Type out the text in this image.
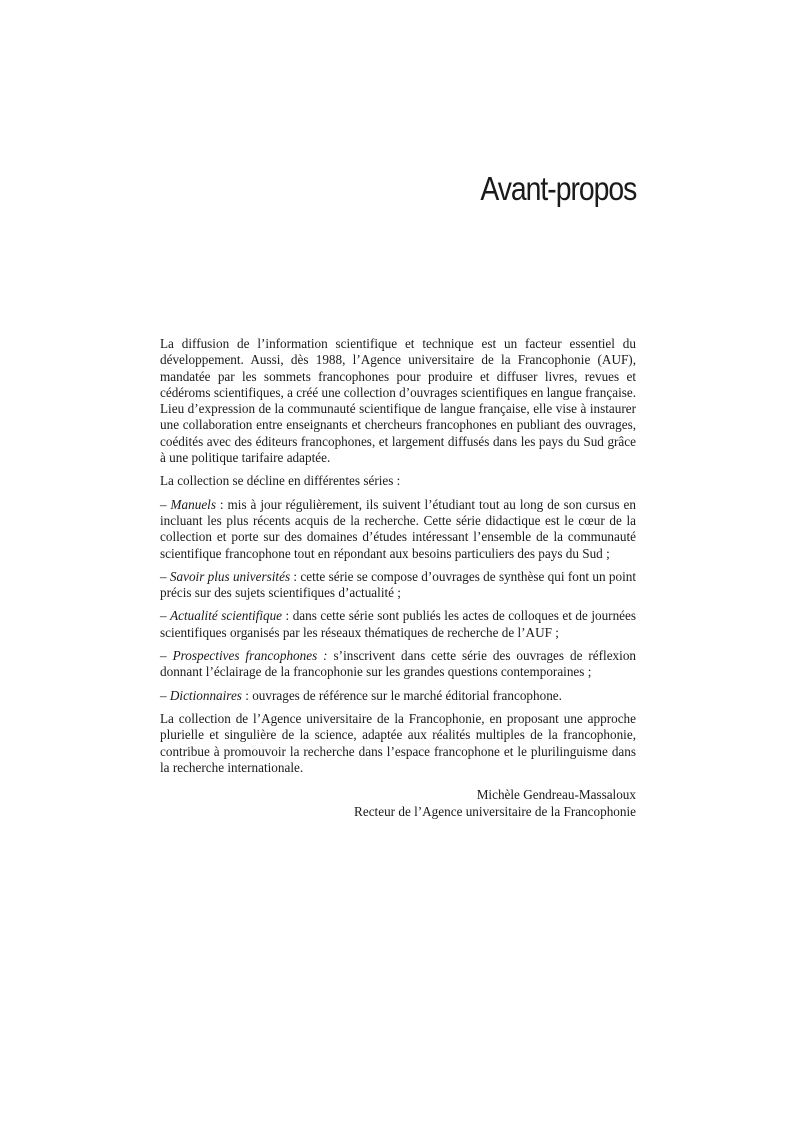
Avant-propos

La diffusion de l’information scientifique et technique est un facteur essentiel du développement. Aussi, dès 1988, l’Agence universitaire de la Francophonie (AUF), mandatée par les sommets francophones pour produire et diffuser livres, revues et cédéroms scientifiques, a créé une collection d’ouvrages scientifiques en langue française. Lieu d’expression de la communauté scientifique de langue française, elle vise à instaurer une collaboration entre enseignants et chercheurs francophones en publiant des ouvrages, coédités avec des éditeurs francophones, et largement diffusés dans les pays du Sud grâce à une politique tarifaire adaptée.

La collection se décline en différentes séries :

– Manuels : mis à jour régulièrement, ils suivent l’étudiant tout au long de son cursus en incluant les plus récents acquis de la recherche. Cette série didactique est le cœur de la collection et porte sur des domaines d’études intéressant l’ensemble de la communauté scientifique francophone tout en répondant aux besoins particuliers des pays du Sud ;

– Savoir plus universités : cette série se compose d’ouvrages de synthèse qui font un point précis sur des sujets scientifiques d’actualité ;

– Actualité scientifique : dans cette série sont publiés les actes de colloques et de journées scientifiques organisés par les réseaux thématiques de recherche de l’AUF ;

– Prospectives francophones : s’inscrivent dans cette série des ouvrages de réflexion donnant l’éclairage de la francophonie sur les grandes questions contemporaines ;

– Dictionnaires : ouvrages de référence sur le marché éditorial francophone.

La collection de l’Agence universitaire de la Francophonie, en proposant une approche plurielle et singulière de la science, adaptée aux réalités multiples de la francophonie, contribue à promouvoir la recherche dans l’espace francophone et le plurilinguisme dans la recherche internationale.

Michèle Gendreau-Massaloux
Recteur de l’Agence universitaire de la Francophonie
